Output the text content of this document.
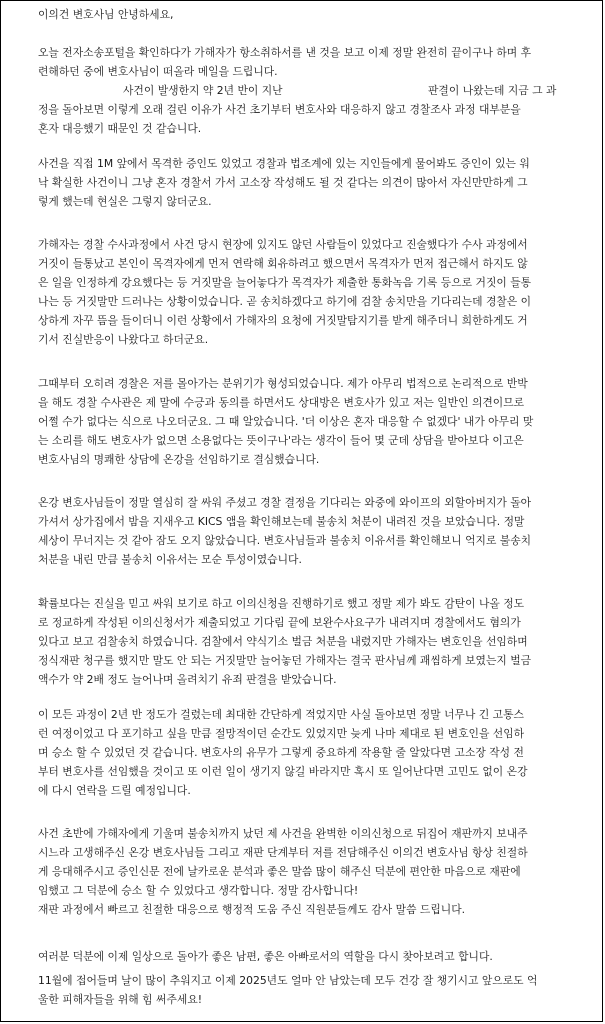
이의건 변호사님 안녕하세요,

오늘 전자소송포털을 확인하다가 가해자가 항소취하서를 낸 것을 보고 이제 정말 완전히 끝이구나 하며 후
련해하던 중에 변호사님이 떠올라 메일을 드립니다.

사건이 발생한지 약 2년 반이 지난	판결이 나왔는데 지금 그 과

정을 돌아보면 이렇게 오래 걸린 이유가 사건 초기부터 변호사와 대응하지 않고 경찰조사 과정 대부분을
혼자 대응했기 때문인 것 같습니다.

사건을 직접 1M 앞에서 목격한 증인도 있었고 경찰과 법조계에 있는 지인들에게 물어봐도 증인이 있는 워
낙 확실한 사건이니 그냥 혼자 경찰서 가서 고소장 작성해도 될 것 같다는 의견이 많아서 자신만만하게 그
렇게 했는데 현실은 그렇지 않더군요.

가해자는 경찰 수사과정에서 사건 당시 현장에 있지도 않던 사람들이 있었다고 진술했다가 수사 과정에서
거짓이 들통났고 본인이 목격자에게 먼저 연락해 회유하려고 했으면서 목격자가 먼저 접근해서 하지도 않
은 일을 인정하게 강요했다는 등 거짓말을 늘어놓다가 목격자가 제출한 통화녹음 기록 등으로 거짓이 들통
나는 등 거짓말만 드러나는 상황이었습니다. 곧 송치하겠다고 하기에 검찰 송치만을 기다리는데 경찰은 이
상하게 자꾸 뜸을 들이더니 이런 상황에서 가해자의 요청에 거짓말탐지기를 받게 해주더니 희한하게도 거
기서 진실반응이 나왔다고 하더군요.

그때부터 오히려 경찰은 저를 몰아가는 분위기가 형성되었습니다. 제가 아무리 법적으로 논리적으로 반박
을 해도 경찰 수사관은 제 말에 수긍과 동의를 하면서도 상대방은 변호사가 있고 저는 일반인 의견이므로
어쩔 수가 없다는 식으로 나오더군요. 그 때 알았습니다. '더 이상은 혼자 대응할 수 없겠다' 내가 아무리 맞
는 소리를 해도 변호사가 없으면 소용없다는 뜻이구나'라는 생각이 들어 몇 군데 상담을 받아보다 이고은
변호사님의 명쾌한 상담에 온강을 선임하기로 결심했습니다.

온강 변호사님들이 정말 열심히 잘 싸워 주셨고 경찰 결정을 기다리는 와중에 와이프의 외할아버지가 돌아
가셔서 상가집에서 밤을 지새우고 KICS 앱을 확인해보는데 불송치 처분이 내려진 것을 보았습니다. 정말
세상이 무너지는 것 같아 잠도 오지 않았습니다. 변호사님들과 불송치 이유서를 확인해보니 억지로 불송치
처분을 내린 만큼 불송치 이유서는 모순 투성이였습니다.

확률보다는 진실을 믿고 싸워 보기로 하고 이의신청을 진행하기로 했고 정말 제가 봐도 감탄이 나올 정도
로 정교하게 작성된 이의신청서가 제출되었고 기다림 끝에 보완수사요구가 내려지며 경찰에서도 혐의가
있다고 보고 검찰송치 하였습니다. 검찰에서 약식기소 벌금 처분을 내렸지만 가해자는 변호인을 선임하며
정식재판 청구를 했지만 말도 안 되는 거짓말만 늘어놓던 가해자는 결국 판사님께 괘씸하게 보였는지 벌금
액수가 약 2배 정도 늘어나며 올려치기 유죄 판결을 받았습니다.

이 모든 과정이 2년 반 정도가 걸렸는데 최대한 간단하게 적었지만 사실 돌아보면 정말 너무나 긴 고통스
런 여정이었고 다 포기하고 싶을 만큼 절망적이던 순간도 있었지만 늦게 나마 제대로 된 변호인을 선임하
며 승소 할 수 있었던 것 같습니다. 변호사의 유무가 그렇게 중요하게 작용할 줄 알았다면 고소장 작성 전
부터 변호사를 선임했을 것이고 또 이런 일이 생기지 않길 바라지만 혹시 또 일어난다면 고민도 없이 온강
에 다시 연락을 드릴 예정입니다.

사건 초반에 가해자에게 기울며 불송치까지 났던 제 사건을 완벽한 이의신청으로 뒤집어 재판까지 보내주
시느라 고생해주신 온강 변호사님들 그리고 재판 단계부터 저를 전담해주신 이의건 변호사님 항상 친절하
게 응대해주시고 증인신문 전에 날카로운 분석과 좋은 말씀 많이 해주신 덕분에 편안한 마음으로 재판에
임했고 그 덕분에 승소 할 수 있었다고 생각합니다. 정말 감사합니다!

재판 과정에서 빠르고 친절한 대응으로 행정적 도움 주신 직원분들께도 감사 말씀 드립니다.

여러분 덕분에 이제 일상으로 돌아가 좋은 남편, 좋은 아빠로서의 역할을 다시 찾아보려고 합니다.

11월에 접어들며 날이 많이 추워지고 이제 2025년도 얼마 안 남았는데 모두 건강 잘 챙기시고 앞으로도 억
울한 피해자들을 위해 힘 써주세요!
